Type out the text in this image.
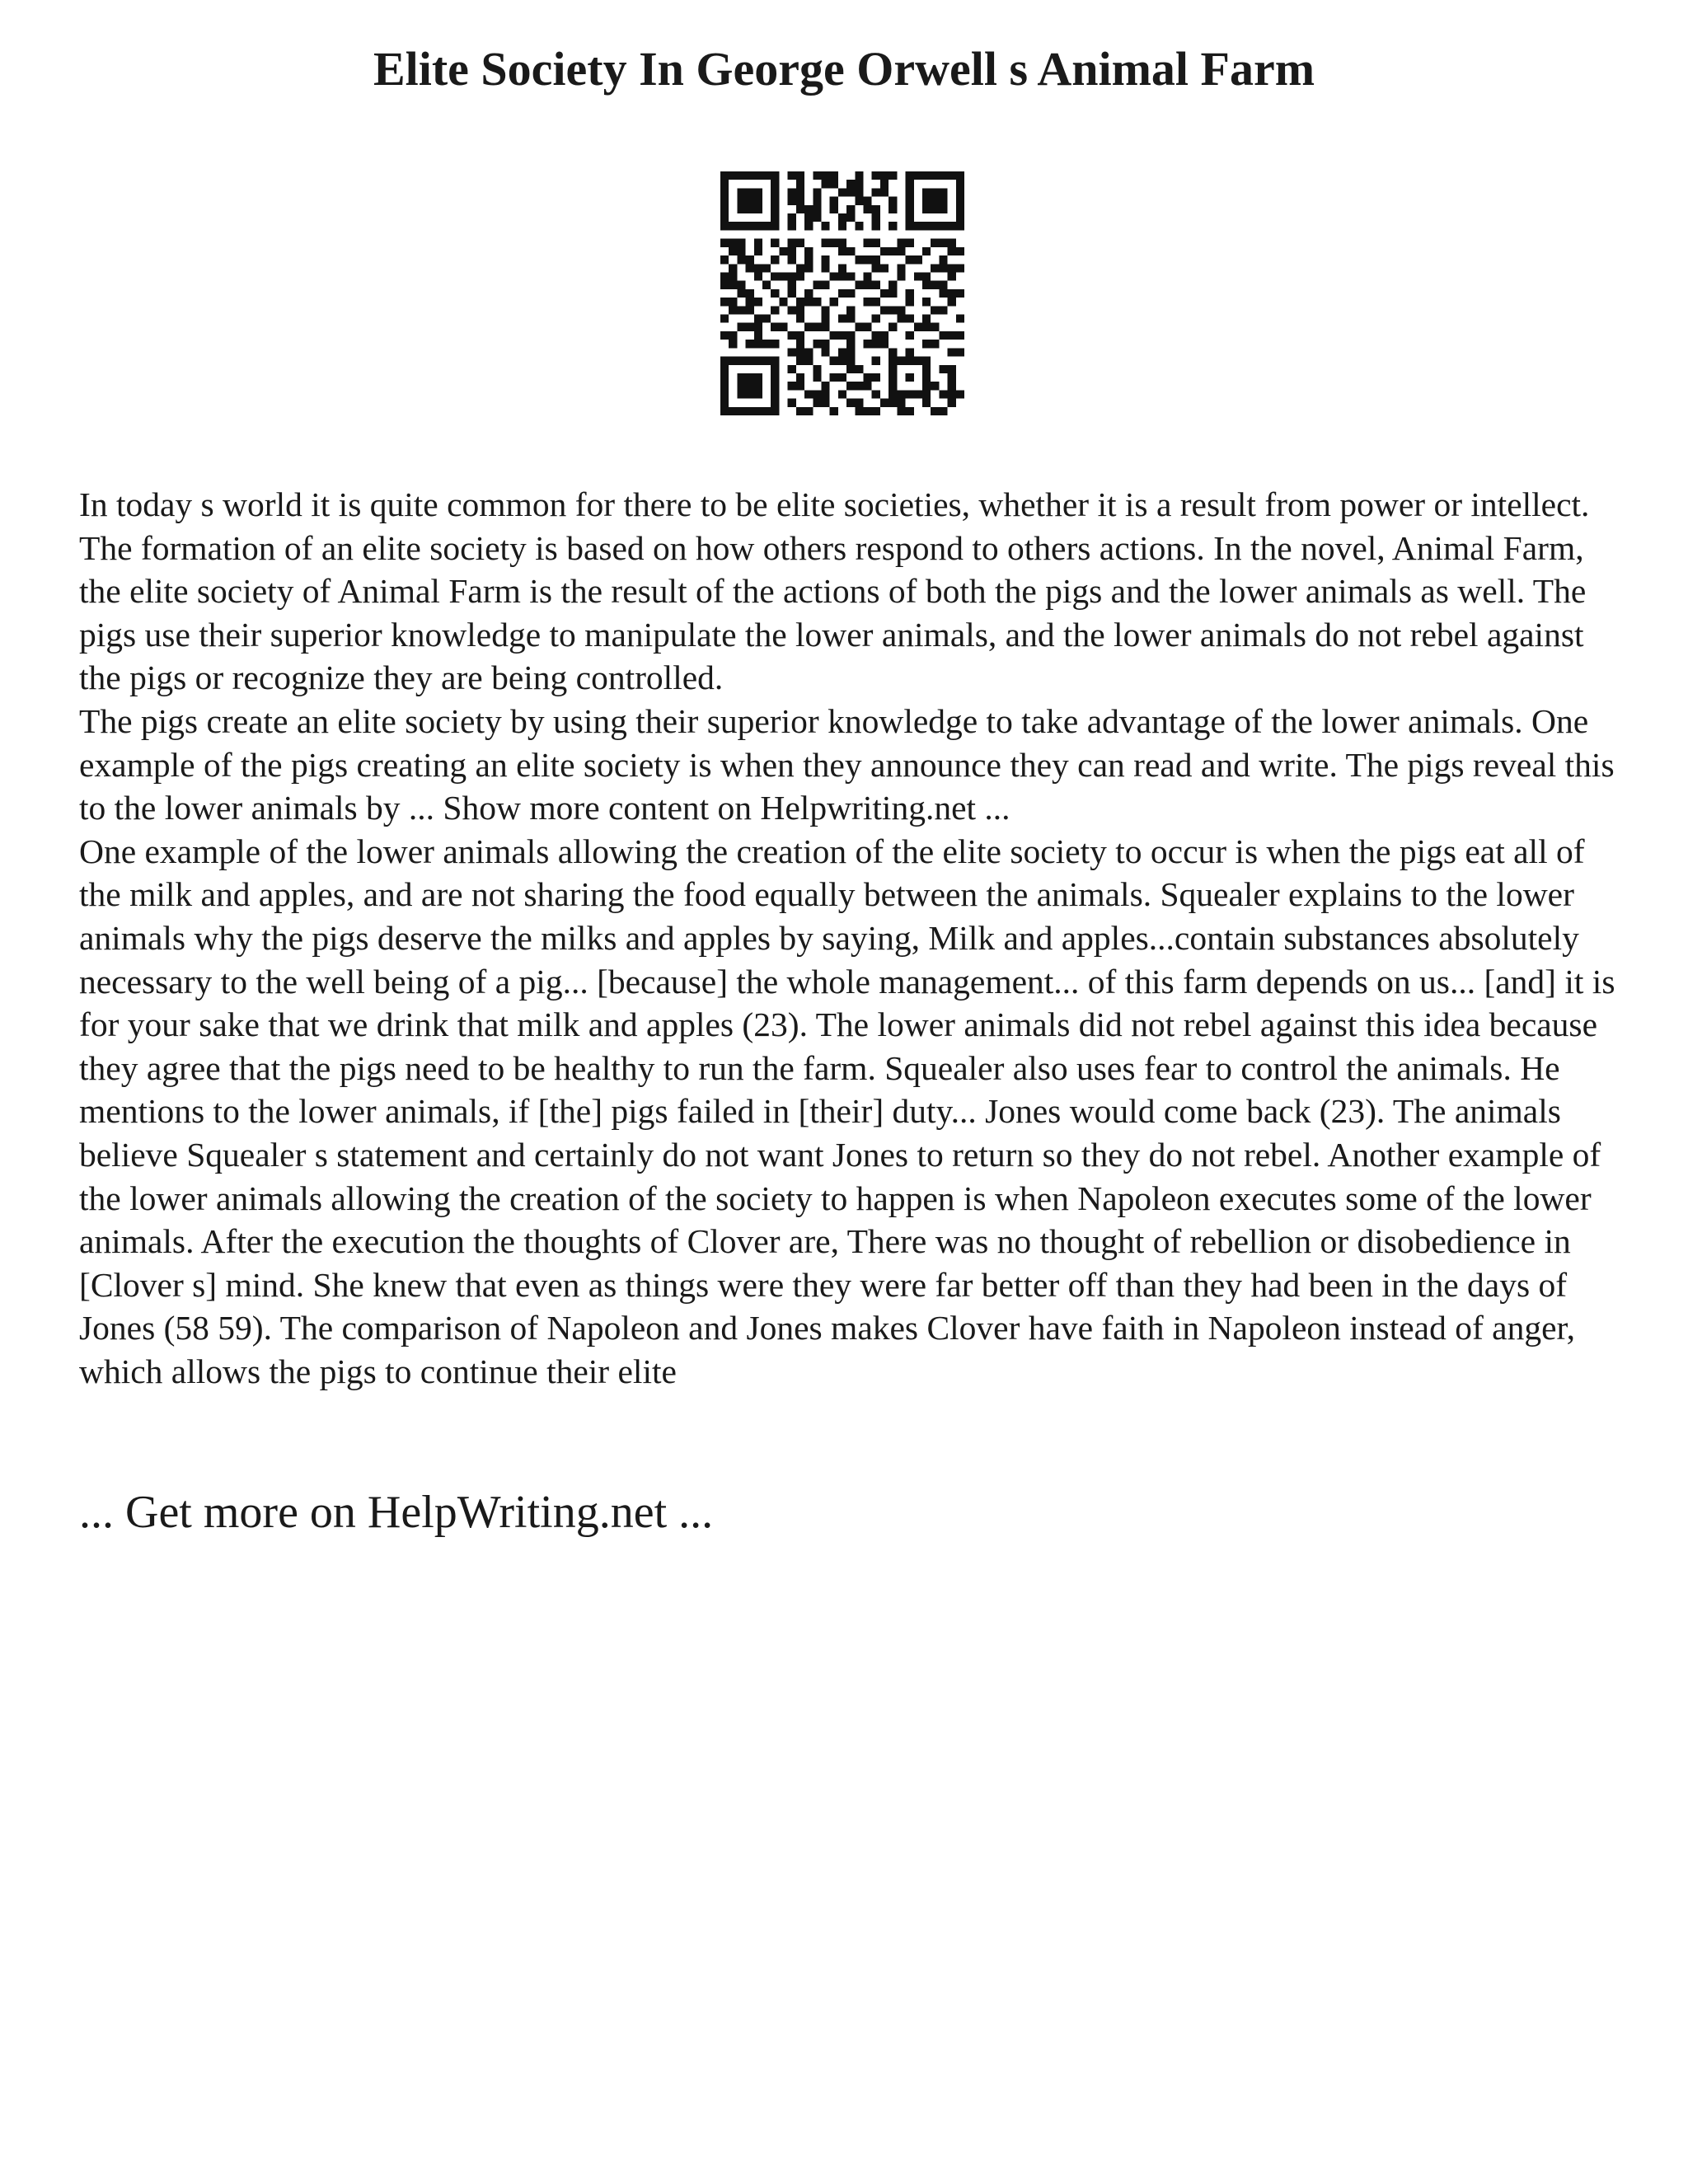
Elite Society In George Orwell s Animal Farm

In today s world it is quite common for there to be elite societies, whether it is a result from power or intellect. The formation of an elite society is based on how others respond to others actions. In the novel, Animal Farm, the elite society of Animal Farm is the result of the actions of both the pigs and the lower animals as well. The pigs use their superior knowledge to manipulate the lower animals, and the lower animals do not rebel against the pigs or recognize they are being controlled.

The pigs create an elite society by using their superior knowledge to take advantage of the lower animals. One example of the pigs creating an elite society is when they announce they can read and write. The pigs reveal this to the lower animals by ... Show more content on Helpwriting.net ...

One example of the lower animals allowing the creation of the elite society to occur is when the pigs eat all of the milk and apples, and are not sharing the food equally between the animals. Squealer explains to the lower animals why the pigs deserve the milks and apples by saying, Milk and apples...contain substances absolutely necessary to the well being of a pig... [because] the whole management... of this farm depends on us... [and] it is for your sake that we drink that milk and apples (23). The lower animals did not rebel against this idea because they agree that the pigs need to be healthy to run the farm. Squealer also uses fear to control the animals. He mentions to the lower animals, if [the] pigs failed in [their] duty... Jones would come back (23). The animals believe Squealer s statement and certainly do not want Jones to return so they do not rebel. Another example of the lower animals allowing the creation of the society to happen is when Napoleon executes some of the lower animals. After the execution the thoughts of Clover are, There was no thought of rebellion or disobedience in [Clover s] mind. She knew that even as things were they were far better off than they had been in the days of Jones (58 59). The comparison of Napoleon and Jones makes Clover have faith in Napoleon instead of anger, which allows the pigs to continue their elite

... Get more on HelpWriting.net ...
